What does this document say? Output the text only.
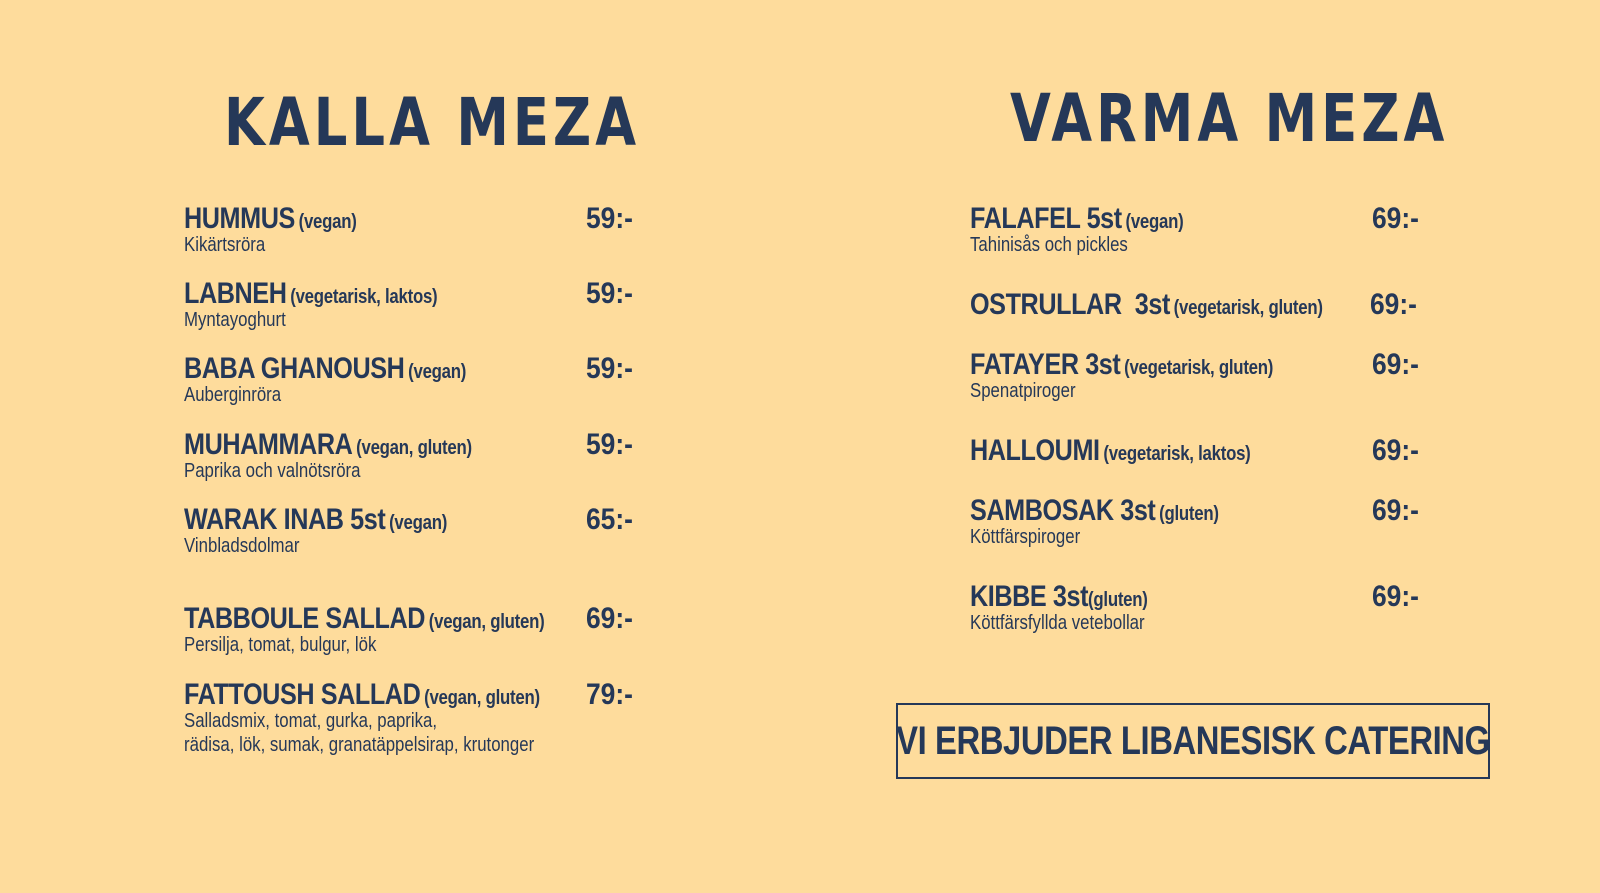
KALLA MEZA
HUMMUS (vegan)
Kikärtsröra
59:-
LABNEH (vegetarisk, laktos)
Myntayoghurt
59:-
BABA GHANOUSH (vegan)
Auberginröra
59:-
MUHAMMARA (vegan, gluten)
Paprika och valnötsröra
59:-
WARAK INAB 5st (vegan)
Vinbladsdolmar
65:-
TABBOULE SALLAD (vegan, gluten)
Persilja, tomat, bulgur, lök
69:-
FATTOUSH SALLAD (vegan, gluten)
Salladsmix, tomat, gurka, paprika,
rädisa, lök, sumak, granatäppelsirap, krutonger
79:-
VARMA MEZA
FALAFEL 5st (vegan)
Tahinisås och pickles
69:-
OSTRULLAR  3st (vegetarisk, gluten) 69:-
FATAYER 3st (vegetarisk, gluten)
Spenatpiroger
69:-
HALLOUMI (vegetarisk, laktos)	69:-
SAMBOSAK 3st (gluten)
Köttfärspiroger
69:-
KIBBE 3st(gluten)
Köttfärsfyllda vetebollar
69:-
VI ERBJUDER LIBANESISK CATERING
